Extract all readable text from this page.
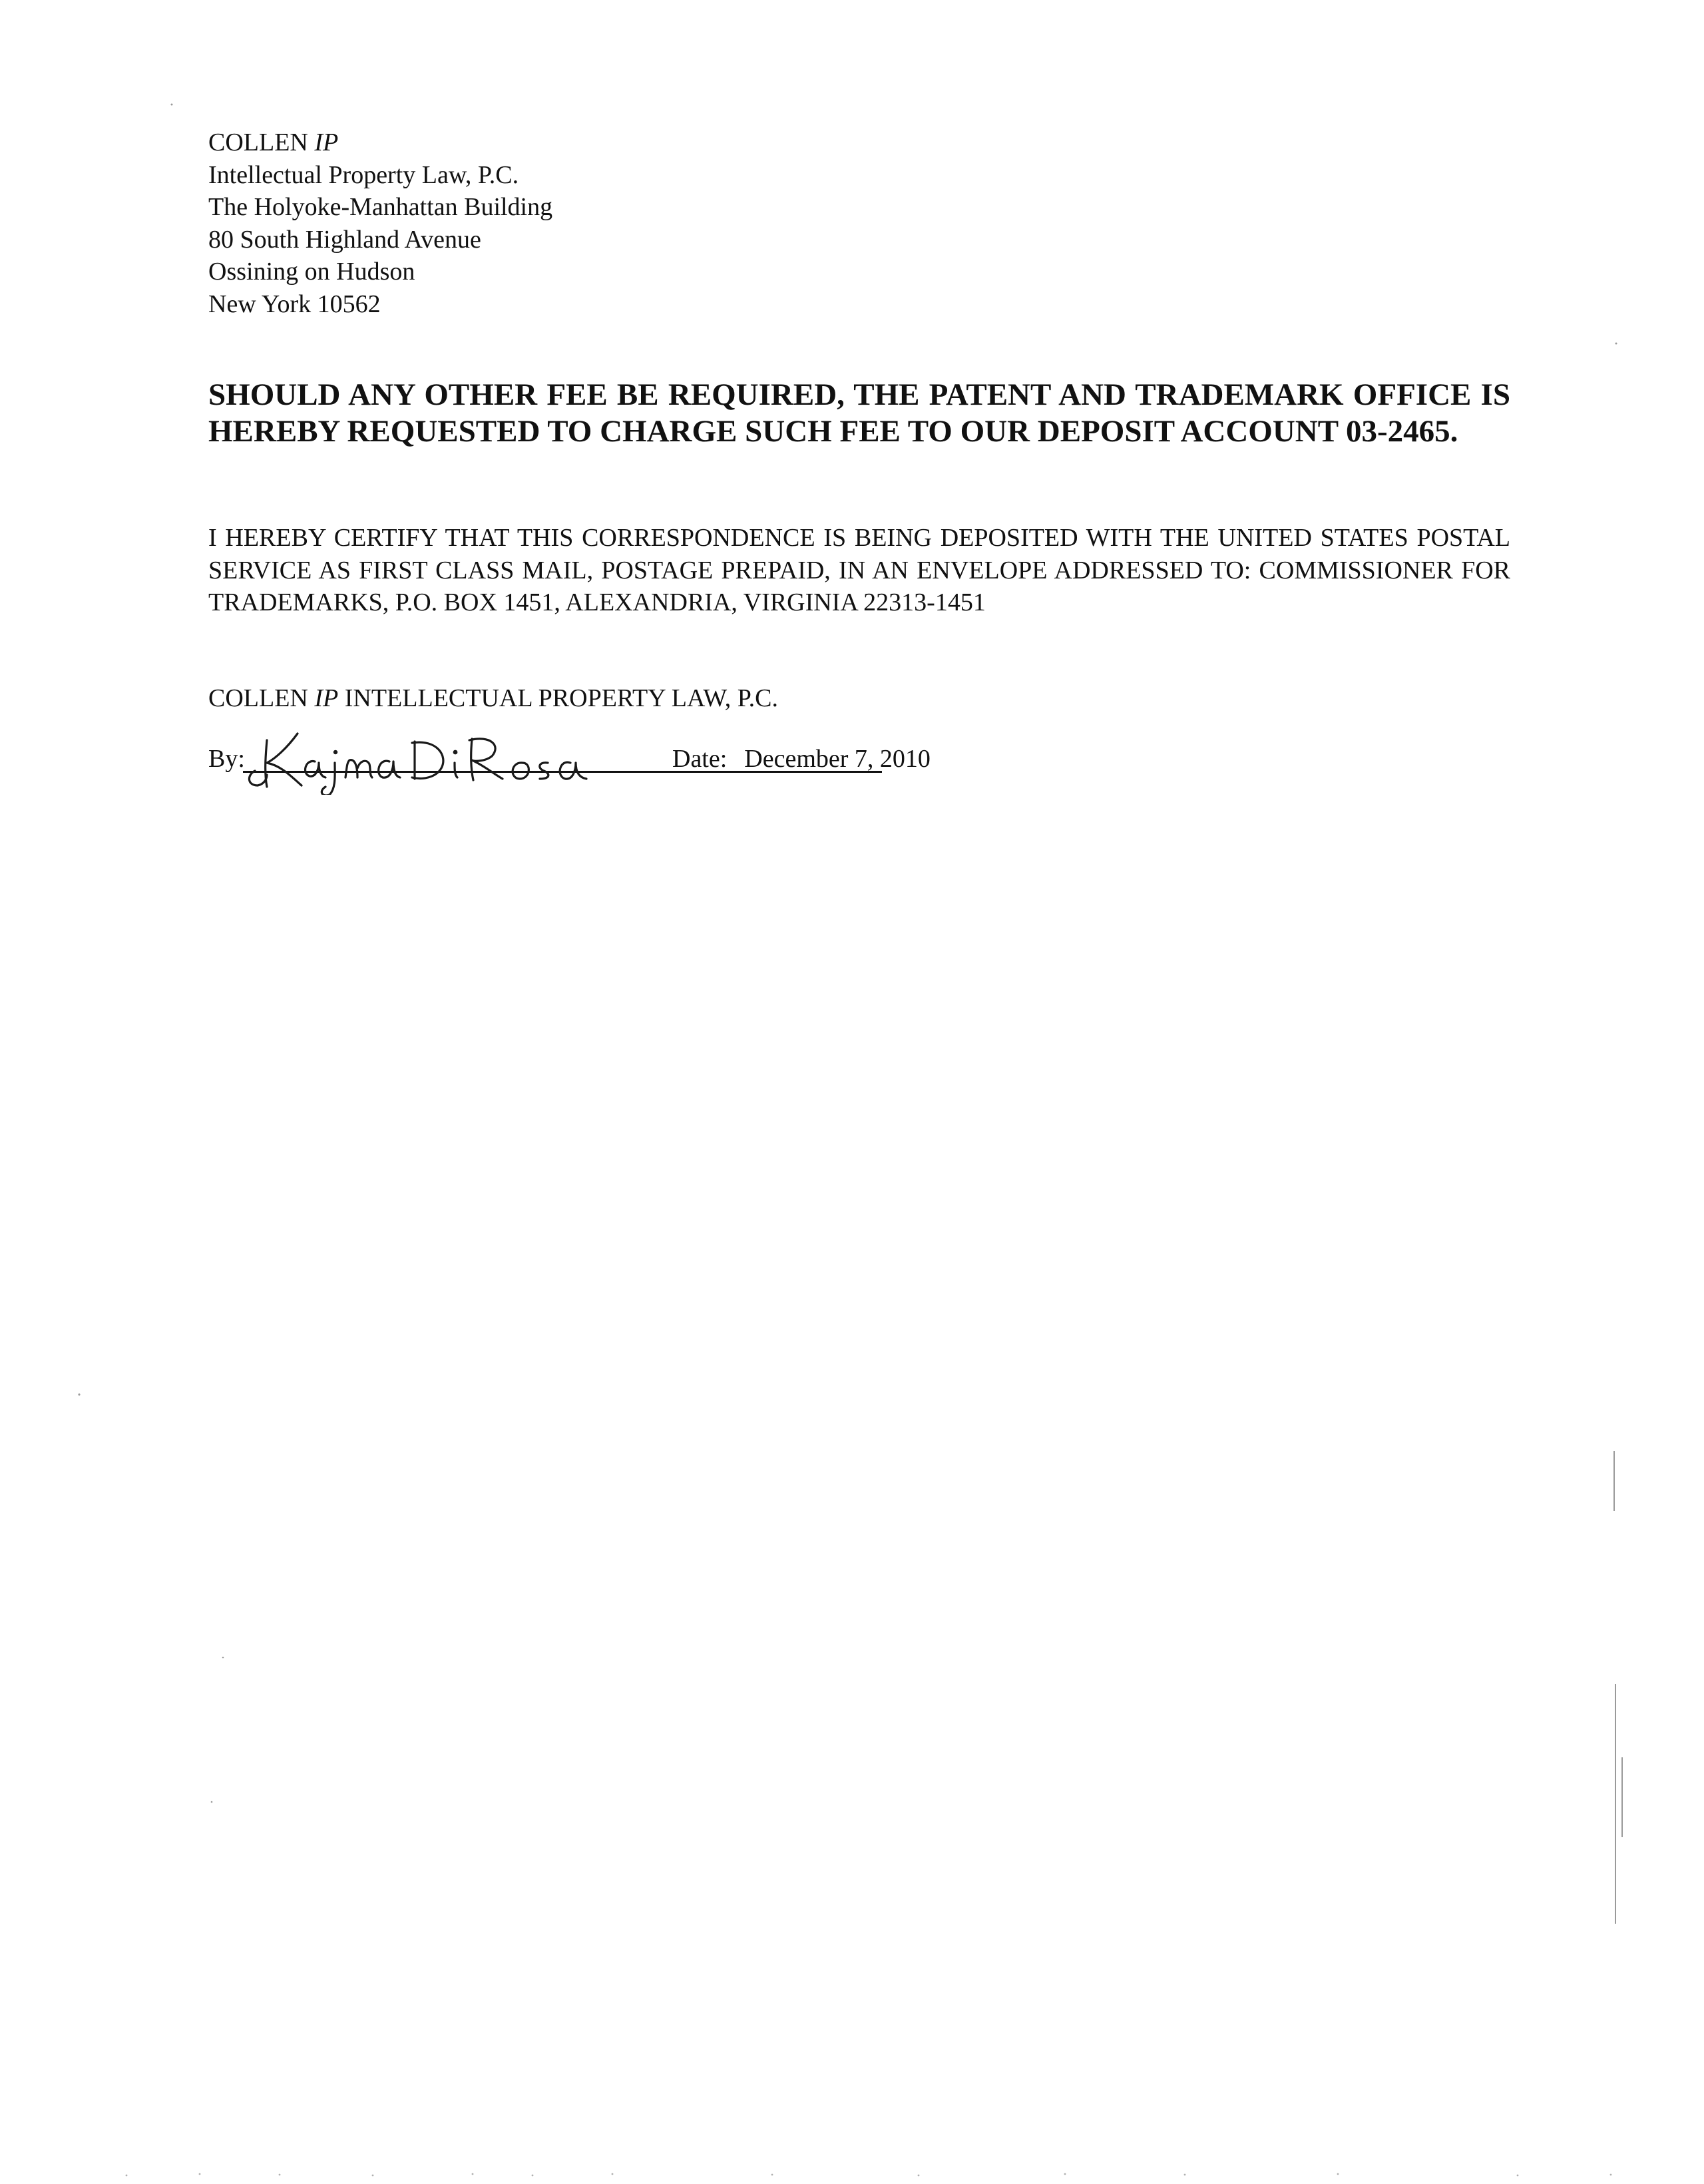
COLLEN IP
Intellectual Property Law, P.C.
The Holyoke-Manhattan Building
80 South Highland Avenue
Ossining on Hudson
New York 10562
SHOULD ANY OTHER FEE BE REQUIRED, THE PATENT AND TRADEMARK OFFICE IS HEREBY REQUESTED TO CHARGE SUCH FEE TO OUR DEPOSIT ACCOUNT 03-2465.
I HEREBY CERTIFY THAT THIS CORRESPONDENCE IS BEING DEPOSITED WITH THE UNITED STATES POSTAL SERVICE AS FIRST CLASS MAIL, POSTAGE PREPAID, IN AN ENVELOPE ADDRESSED TO: COMMISSIONER FOR TRADEMARKS, P.O. BOX 1451, ALEXANDRIA, VIRGINIA 22313-1451
COLLEN IP INTELLECTUAL PROPERTY LAW, P.C.
By:	Date: December 7, 2010
